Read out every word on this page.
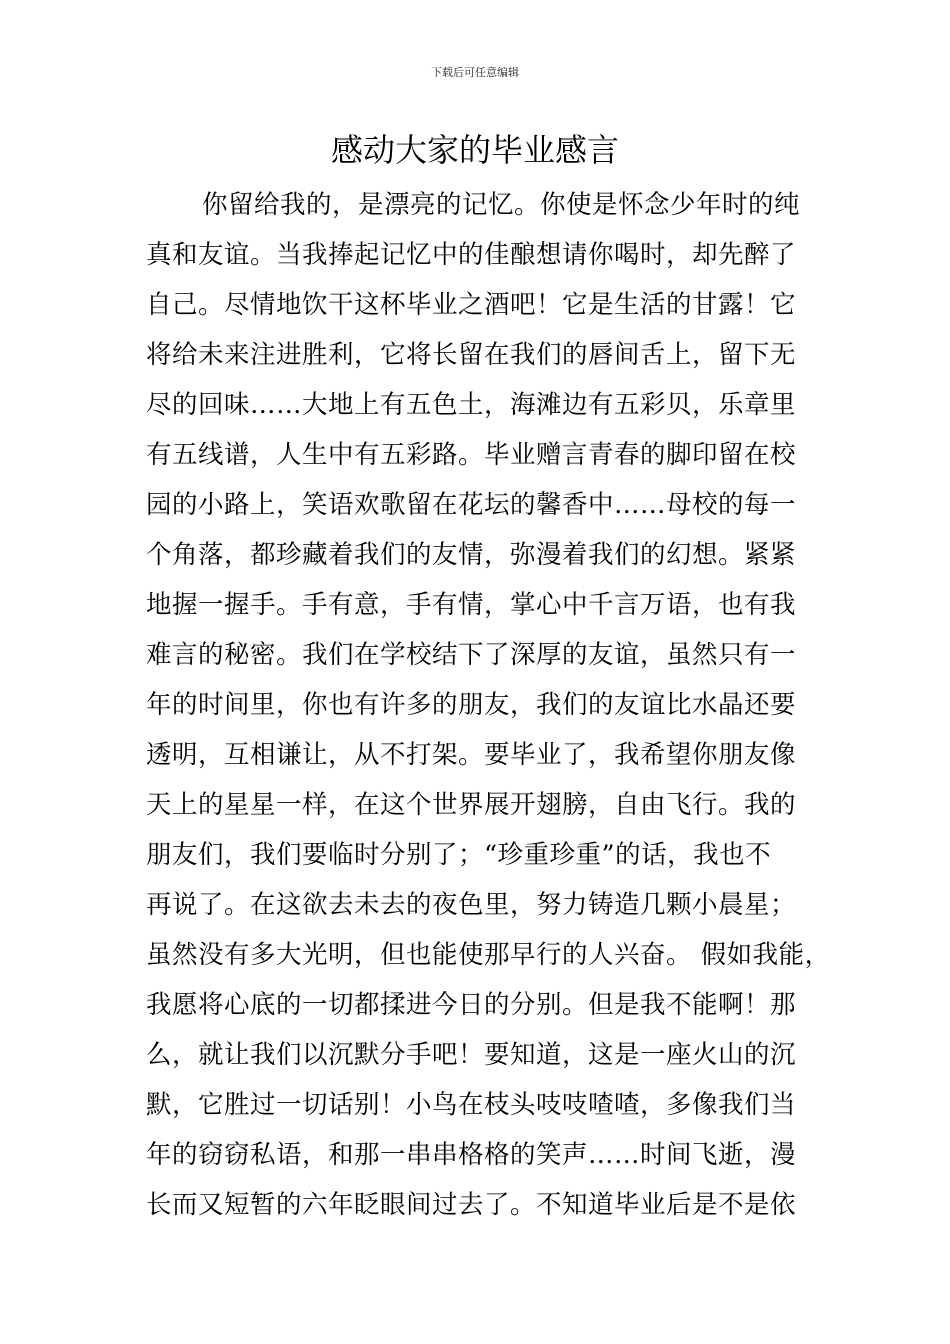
下载后可任意编辑
感动大家的毕业感言
你留给我的，是漂亮的记忆。你使是怀念少年时的纯
真和友谊。当我捧起记忆中的佳酿想请你喝时，却先醉了
自己。尽情地饮干这杯毕业之酒吧！它是生活的甘露！它
将给未来注进胜利，它将长留在我们的唇间舌上，留下无
尽的回味……大地上有五色土，海滩边有五彩贝，乐章里
有五线谱，人生中有五彩路。毕业赠言青春的脚印留在校
园的小路上，笑语欢歌留在花坛的馨香中……母校的每一
个角落，都珍藏着我们的友情，弥漫着我们的幻想。紧紧
地握一握手。手有意，手有情，掌心中千言万语，也有我
难言的秘密。我们在学校结下了深厚的友谊，虽然只有一
年的时间里，你也有许多的朋友，我们的友谊比水晶还要
透明，互相谦让，从不打架。要毕业了，我希望你朋友像
天上的星星一样，在这个世界展开翅膀，自由飞行。我的
朋友们，我们要临时分别了；“珍重珍重”的话，我也不
再说了。在这欲去未去的夜色里，努力铸造几颗小晨星；
虽然没有多大光明，但也能使那早行的人兴奋。 假如我能，
我愿将心底的一切都揉进今日的分别。但是我不能啊！那
么，就让我们以沉默分手吧！要知道，这是一座火山的沉
默，它胜过一切话别！小鸟在枝头吱吱喳喳，多像我们当
年的窃窃私语，和那一串串格格的笑声……时间飞逝，漫
长而又短暂的六年眨眼间过去了。不知道毕业后是不是依
